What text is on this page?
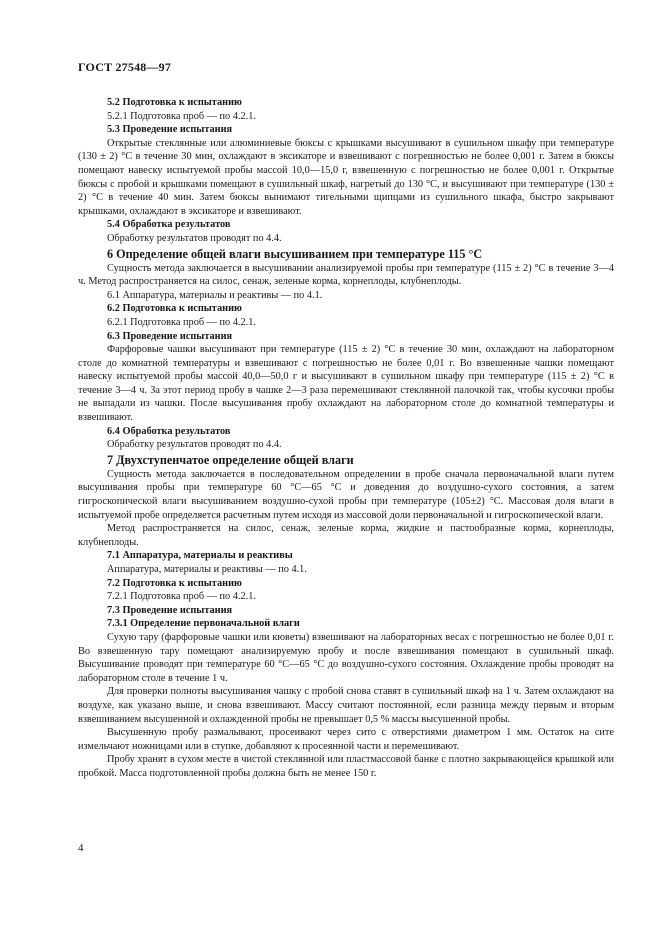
ГОСТ 27548—97

5.2 Подготовка к испытанию

5.2.1 Подготовка проб — по 4.2.1.

5.3 Проведение испытания

Открытые стеклянные или алюминиевые бюксы с крышками высушивают в сушильном шкафу при температуре (130 ± 2) °С в течение 30 мин, охлаждают в эксикаторе и взвешивают с погрешностью не более 0,001 г. Затем в бюксы помещают навеску испытуемой пробы массой 10,0—15,0 г, взвешенную с погрешностью не более 0,001 г. Открытые бюксы с пробой и крышками помещают в сушильный шкаф, нагретый до 130 °С, и высушивают при температуре (130 ± 2) °С в течение 40 мин. Затем бюксы вынимают тигельными щипцами из сушильного шкафа, быстро закрывают крышками, охлаждают в эксикаторе и взвешивают.

5.4 Обработка результатов

Обработку результатов проводят по 4.4.

6 Определение общей влаги высушиванием при температуре 115 °С

Сущность метода заключается в высушивании анализируемой пробы при температуре (115 ± 2) °С в течение 3—4 ч. Метод распространяется на силос, сенаж, зеленые корма, корнеплоды, клубнеплоды.

6.1 Аппаратура, материалы и реактивы — по 4.1.

6.2 Подготовка к испытанию

6.2.1 Подготовка проб — по 4.2.1.

6.3 Проведение испытания

Фарфоровые чашки высушивают при температуре (115 ± 2) °С в течение 30 мин, охлаждают на лабораторном столе до комнатной температуры и взвешивают с погрешностью не более 0,01 г. Во взвешенные чашки помещают навеску испытуемой пробы массой 40,0—50,0 г и высушивают в сушильном шкафу при температуре (115 ± 2) °С в течение 3—4 ч. За этот период пробу в чашке 2—3 раза перемешивают стеклянной палочкой так, чтобы кусочки пробы не выпадали из чашки. После высушивания пробу охлаждают на лабораторном столе до комнатной температуры и взвешивают.

6.4 Обработка результатов

Обработку результатов проводят по 4.4.

7 Двухступенчатое определение общей влаги

Сущность метода заключается в последовательном определении в пробе сначала первоначальной влаги путем высушивания пробы при температуре 60 °С—65 °С и доведения до воздушно-сухого состояния, а затем гигроскопической влаги высушиванием воздушно-сухой пробы при температуре (105±2) °С. Массовая доля влаги в испытуемой пробе определяется расчетным путем исходя из массовой доли первоначальной и гигроскопической влаги.

Метод распространяется на силос, сенаж, зеленые корма, жидкие и пастообразные корма, корнеплоды, клубнеплоды.

7.1 Аппаратура, материалы и реактивы

Аппаратура, материалы и реактивы — по 4.1.

7.2 Подготовка к испытанию

7.2.1 Подготовка проб — по 4.2.1.

7.3 Проведение испытания

7.3.1 Определение первоначальной влаги

Сухую тару (фарфоровые чашки или кюветы) взвешивают на лабораторных весах с погрешностью не более 0,01 г. Во взвешенную тару помещают анализируемую пробу и после взвешивания помещают в сушильный шкаф. Высушивание проводят при температуре 60 °С—65 °С до воздушно-сухого состояния. Охлаждение пробы проводят на лабораторном столе в течение 1 ч.

Для проверки полноты высушивания чашку с пробой снова ставят в сушильный шкаф на 1 ч. Затем охлаждают на воздухе, как указано выше, и снова взвешивают. Массу считают постоянной, если разница между первым и вторым взвешиванием высушенной и охлажденной пробы не превышает 0,5 % массы высушенной пробы.

Высушенную пробу размалывают, просеивают через сито с отверстиями диаметром 1 мм. Остаток на сите измельчают ножницами или в ступке, добавляют к просеянной части и перемешивают.

Пробу хранят в сухом месте в чистой стеклянной или пластмассовой банке с плотно закрывающейся крышкой или пробкой. Масса подготовленной пробы должна быть не менее 150 г.

4
